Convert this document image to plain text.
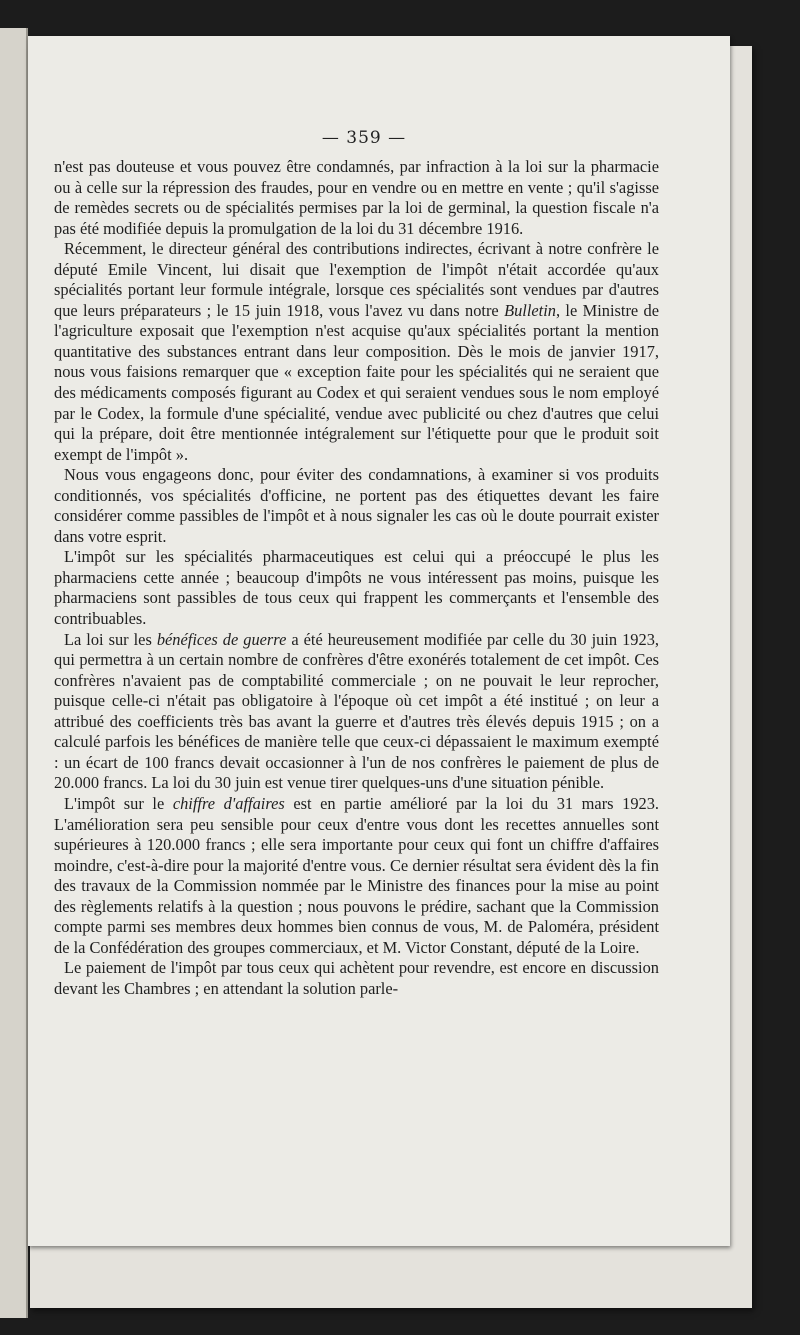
— 359 —

n'est pas douteuse et vous pouvez être condamnés, par infraction à la loi sur la pharmacie ou à celle sur la répression des fraudes, pour en vendre ou en mettre en vente ; qu'il s'agisse de remèdes secrets ou de spécialités permises par la loi de germinal, la question fiscale n'a pas été modifiée depuis la promulgation de la loi du 31 décembre 1916.

Récemment, le directeur général des contributions indirectes, écrivant à notre confrère le député Emile Vincent, lui disait que l'exemption de l'impôt n'était accordée qu'aux spécialités portant leur formule intégrale, lorsque ces spécialités sont vendues par d'autres que leurs préparateurs ; le 15 juin 1918, vous l'avez vu dans notre Bulletin, le Ministre de l'agriculture exposait que l'exemption n'est acquise qu'aux spécialités portant la mention quantitative des substances entrant dans leur composition. Dès le mois de janvier 1917, nous vous faisions remarquer que « exception faite pour les spécialités qui ne seraient que des médicaments composés figurant au Codex et qui seraient vendues sous le nom employé par le Codex, la formule d'une spécialité, vendue avec publicité ou chez d'autres que celui qui la prépare, doit être mentionnée intégralement sur l'étiquette pour que le produit soit exempt de l'impôt ».

Nous vous engageons donc, pour éviter des condamnations, à examiner si vos produits conditionnés, vos spécialités d'officine, ne portent pas des étiquettes devant les faire considérer comme passibles de l'impôt et à nous signaler les cas où le doute pourrait exister dans votre esprit.

L'impôt sur les spécialités pharmaceutiques est celui qui a préoccupé le plus les pharmaciens cette année ; beaucoup d'impôts ne vous intéressent pas moins, puisque les pharmaciens sont passibles de tous ceux qui frappent les commerçants et l'ensemble des contribuables.

La loi sur les bénéfices de guerre a été heureusement modifiée par celle du 30 juin 1923, qui permettra à un certain nombre de confrères d'être exonérés totalement de cet impôt. Ces confrères n'avaient pas de comptabilité commerciale ; on ne pouvait le leur reprocher, puisque celle-ci n'était pas obligatoire à l'époque où cet impôt a été institué ; on leur a attribué des coefficients très bas avant la guerre et d'autres très élevés depuis 1915 ; on a calculé parfois les bénéfices de manière telle que ceux-ci dépassaient le maximum exempté : un écart de 100 francs devait occasionner à l'un de nos confrères le paiement de plus de 20.000 francs. La loi du 30 juin est venue tirer quelques-uns d'une situation pénible.

L'impôt sur le chiffre d'affaires est en partie amélioré par la loi du 31 mars 1923. L'amélioration sera peu sensible pour ceux d'entre vous dont les recettes annuelles sont supérieures à 120.000 francs ; elle sera importante pour ceux qui font un chiffre d'affaires moindre, c'est-à-dire pour la majorité d'entre vous. Ce dernier résultat sera évident dès la fin des travaux de la Commission nommée par le Ministre des finances pour la mise au point des règlements relatifs à la question ; nous pouvons le prédire, sachant que la Commission compte parmi ses membres deux hommes bien connus de vous, M. de Paloméra, président de la Confédération des groupes commerciaux, et M. Victor Constant, député de la Loire.

Le paiement de l'impôt par tous ceux qui achètent pour revendre, est encore en discussion devant les Chambres ; en attendant la solution parle-
